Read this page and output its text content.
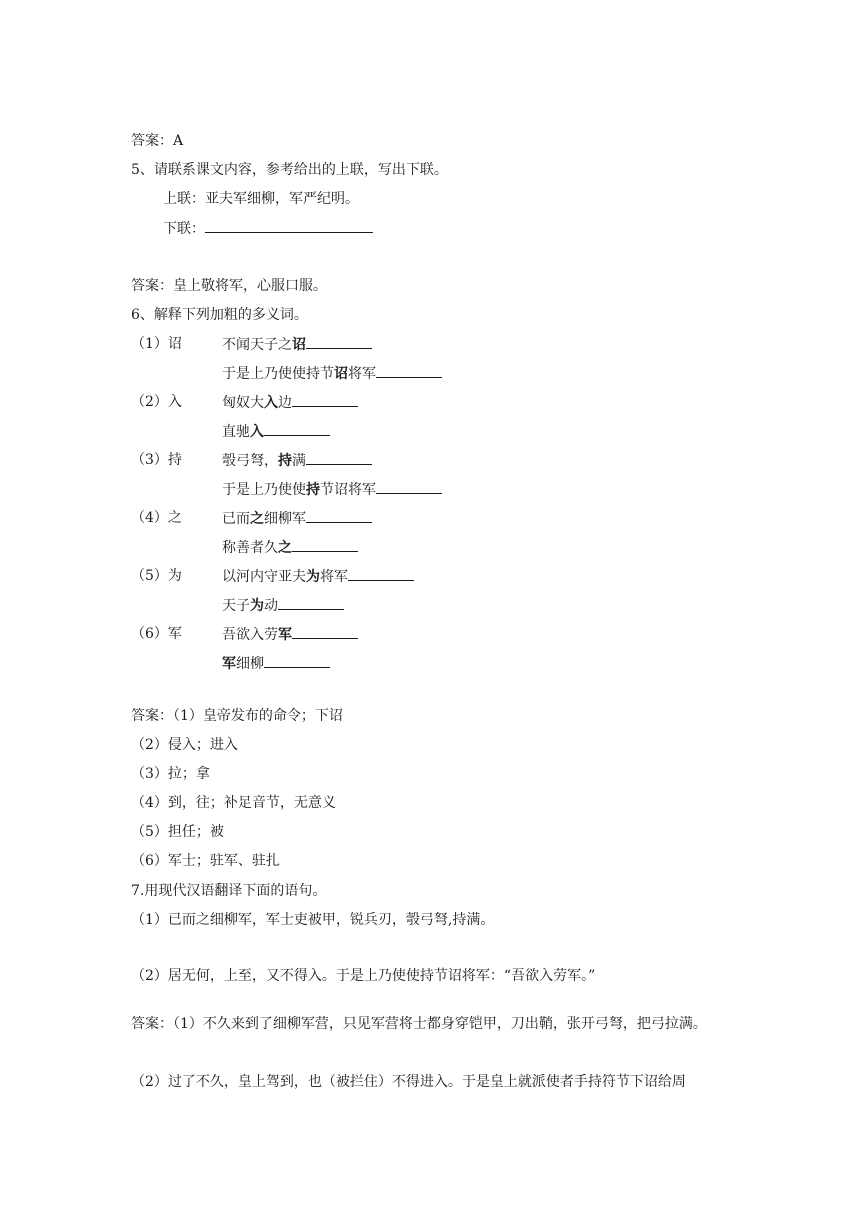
答案：A
5、请联系课文内容，参考给出的上联，写出下联。
上联：亚夫军细柳，军严纪明。
下联：
答案：皇上敬将军，心服口服。
6、解释下列加粗的多义词。
（1）诏	不闻天子之诏
于是上乃使使持节诏将军
（2）入	匈奴大入边
直驰入
（3）持	彀弓弩，持满
于是上乃使使持节诏将军
（4）之	已而之细柳军
称善者久之
（5）为	以河内守亚夫为将军
天子为动
（6）军	吾欲入劳军
军细柳
答案：（1）皇帝发布的命令；下诏
（2）侵入；进入
（3）拉；拿
（4）到，往；补足音节，无意义
（5）担任；被
（6）军士；驻军、驻扎
7.用现代汉语翻译下面的语句。
（1）已而之细柳军，军士吏被甲，锐兵刃，彀弓弩,持满。
（2）居无何，上至，又不得入。于是上乃使使持节诏将军：“吾欲入劳军。”
答案：（1）不久来到了细柳军营，只见军营将士都身穿铠甲，刀出鞘，张开弓弩，把弓拉满。
（2）过了不久，皇上驾到，也（被拦住）不得进入。于是皇上就派使者手持符节下诏给周
